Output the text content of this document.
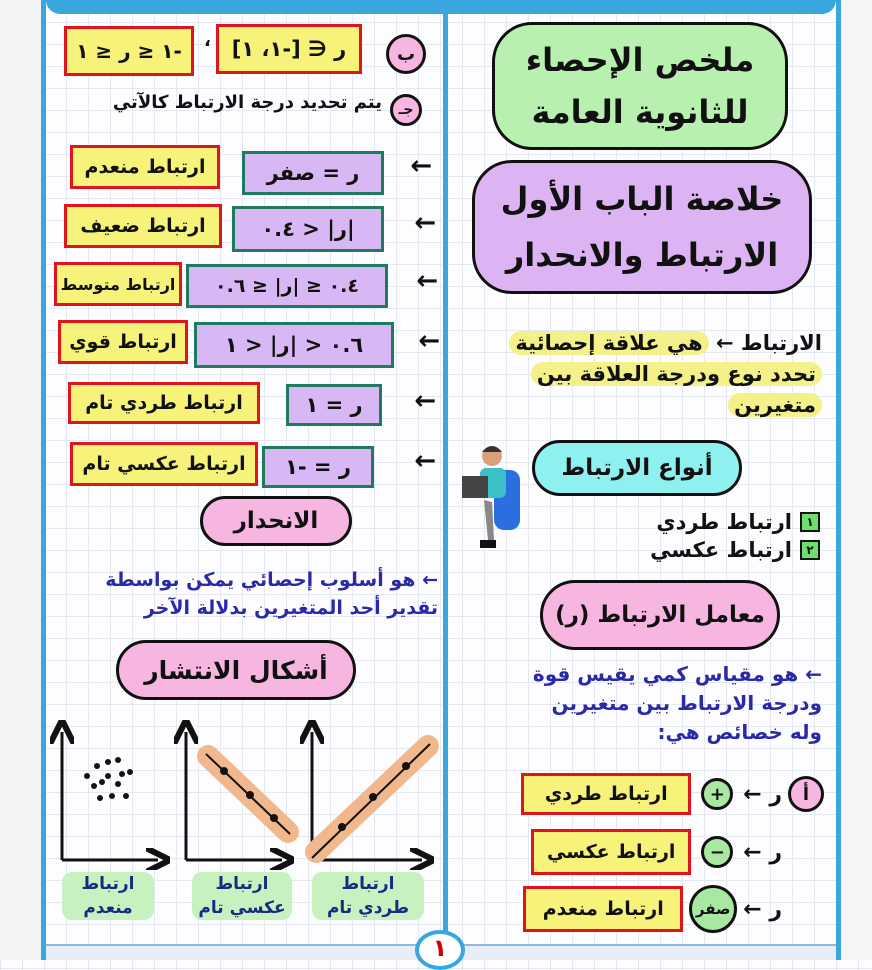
١
ملخص الإحصاء
للثانوية العامة
خلاصة الباب الأول
الارتباط والانحدار
الارتباط ← هي علاقة إحصائية
تحدد نوع ودرجة العلاقة بين
متغيرين
أنواع الارتباط
١
ارتباط طردي
٢
ارتباط عكسي
معامل الارتباط (ر)
← هو مقياس كمي يقيس قوة
ودرجة الارتباط بين متغيرين
وله خصائص هي:
أ
ر ←
+
ارتباط طردي
ر ←
−
ارتباط عكسي
ر ←
صفر
ارتباط منعدم
ب
ر ∈ [-١، ١]
،
-١ ≤ ر ≤ ١
جـ
يتم تحديد درجة الارتباط كالآتي
←
ر = صفر
ارتباط منعدم
←
|ر| < ٠.٤
ارتباط ضعيف
←
٠.٤ ≤ |ر| ≤ ٠.٦
ارتباط متوسط
←
٠.٦ < |ر| < ١
ارتباط قوي
←
ر = ١
ارتباط طردي تام
←
ر = -١
ارتباط عكسي تام
الانحدار
← هو أسلوب إحصائي يمكن بواسطة
تقدير أحد المتغيرين بدلالة الآخر
أشكال الانتشار
ارتباط
منعدم
ارتباط
عكسي تام
ارتباط
طردي تام
